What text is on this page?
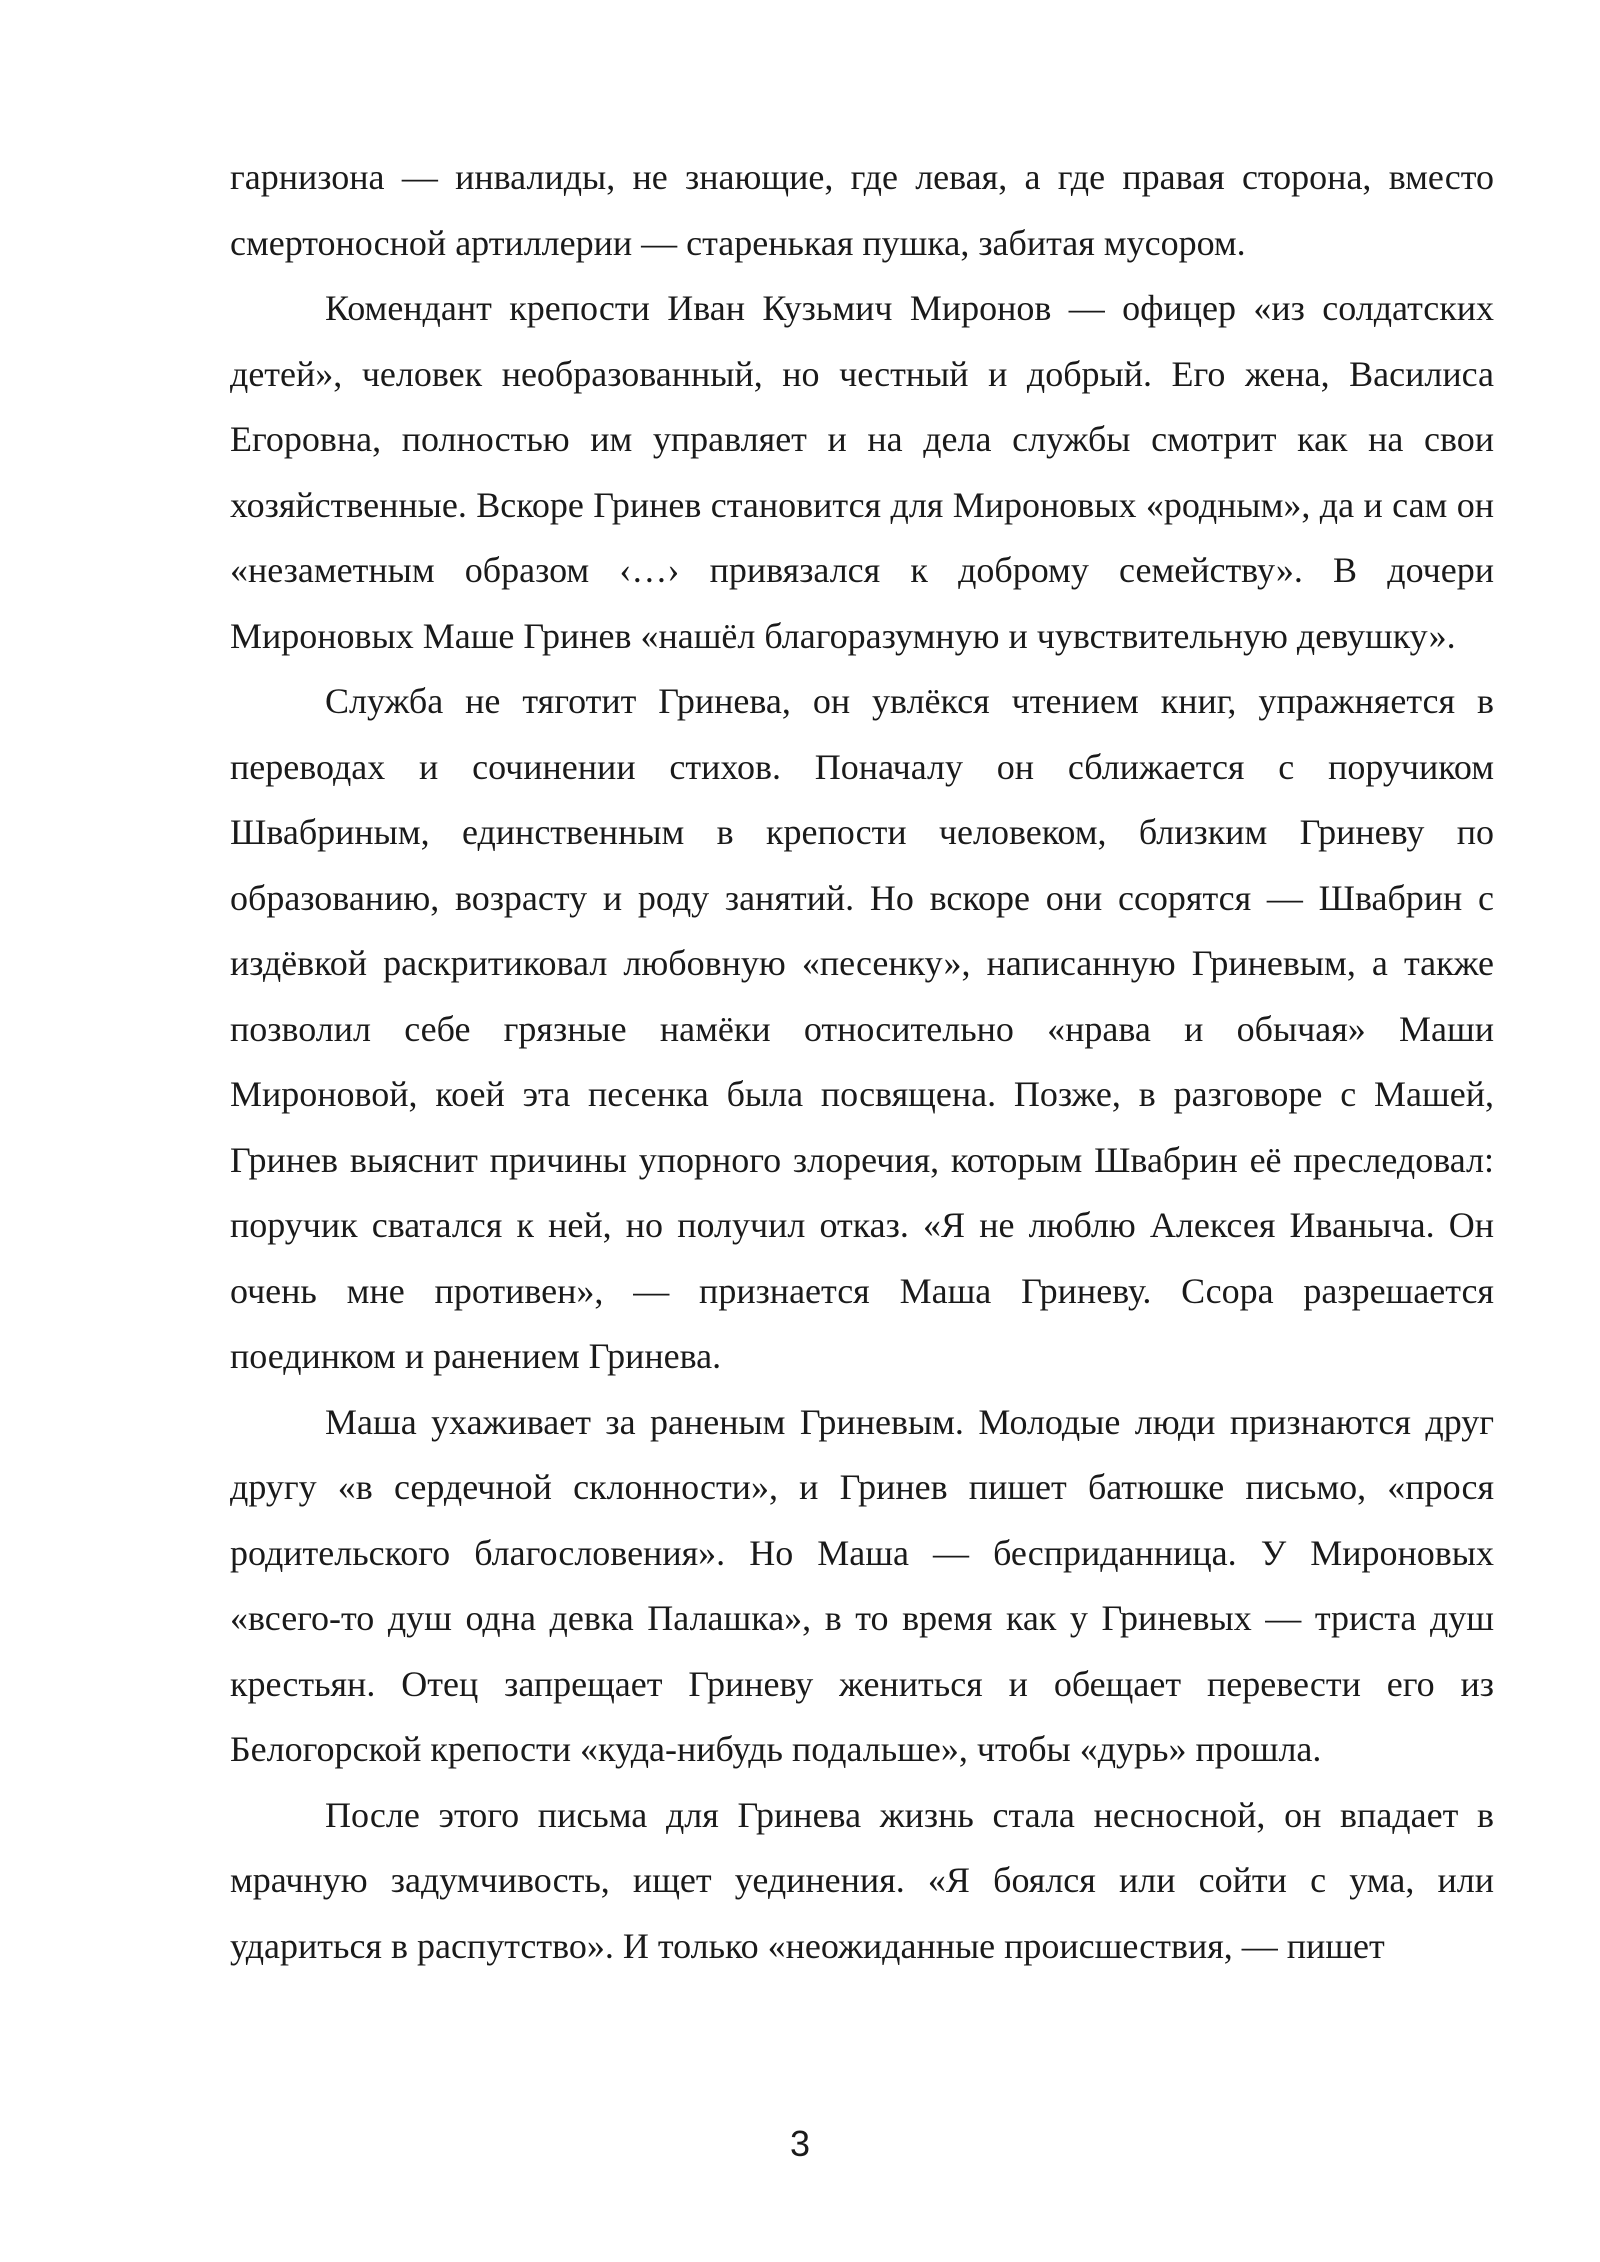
гарнизона — инвалиды, не знающие, где левая, а где правая сторона, вместо смертоносной артиллерии — старенькая пушка, забитая мусором.

Комендант крепости Иван Кузьмич Миронов — офицер «из солдатских детей», человек необразованный, но честный и добрый. Его жена, Василиса Егоровна, полностью им управляет и на дела службы смотрит как на свои хозяйственные. Вскоре Гринев становится для Мироновых «родным», да и сам он «незаметным образом ‹…› привязался к доброму семейству». В дочери Мироновых Маше Гринев «нашёл благоразумную и чувствительную девушку».

Служба не тяготит Гринева, он увлёкся чтением книг, упражняется в переводах и сочинении стихов. Поначалу он сближается с поручиком Швабриным, единственным в крепости человеком, близким Гриневу по образованию, возрасту и роду занятий. Но вскоре они ссорятся — Швабрин с издёвкой раскритиковал любовную «песенку», написанную Гриневым, а также позволил себе грязные намёки относительно «нрава и обычая» Маши Мироновой, коей эта песенка была посвящена. Позже, в разговоре с Машей, Гринев выяснит причины упорного злоречия, которым Швабрин её преследовал: поручик сватался к ней, но получил отказ. «Я не люблю Алексея Иваныча. Он очень мне противен», — признается Маша Гриневу. Ссора разрешается поединком и ранением Гринева.

Маша ухаживает за раненым Гриневым. Молодые люди признаются друг другу «в сердечной склонности», и Гринев пишет батюшке письмо, «прося родительского благословения». Но Маша — бесприданница. У Мироновых «всего-то душ одна девка Палашка», в то время как у Гриневых — триста душ крестьян. Отец запрещает Гриневу жениться и обещает перевести его из Белогорской крепости «куда-нибудь подальше», чтобы «дурь» прошла.

После этого письма для Гринева жизнь стала несносной, он впадает в мрачную задумчивость, ищет уединения. «Я боялся или сойти с ума, или удариться в распутство». И только «неожиданные происшествия, — пишет

3
